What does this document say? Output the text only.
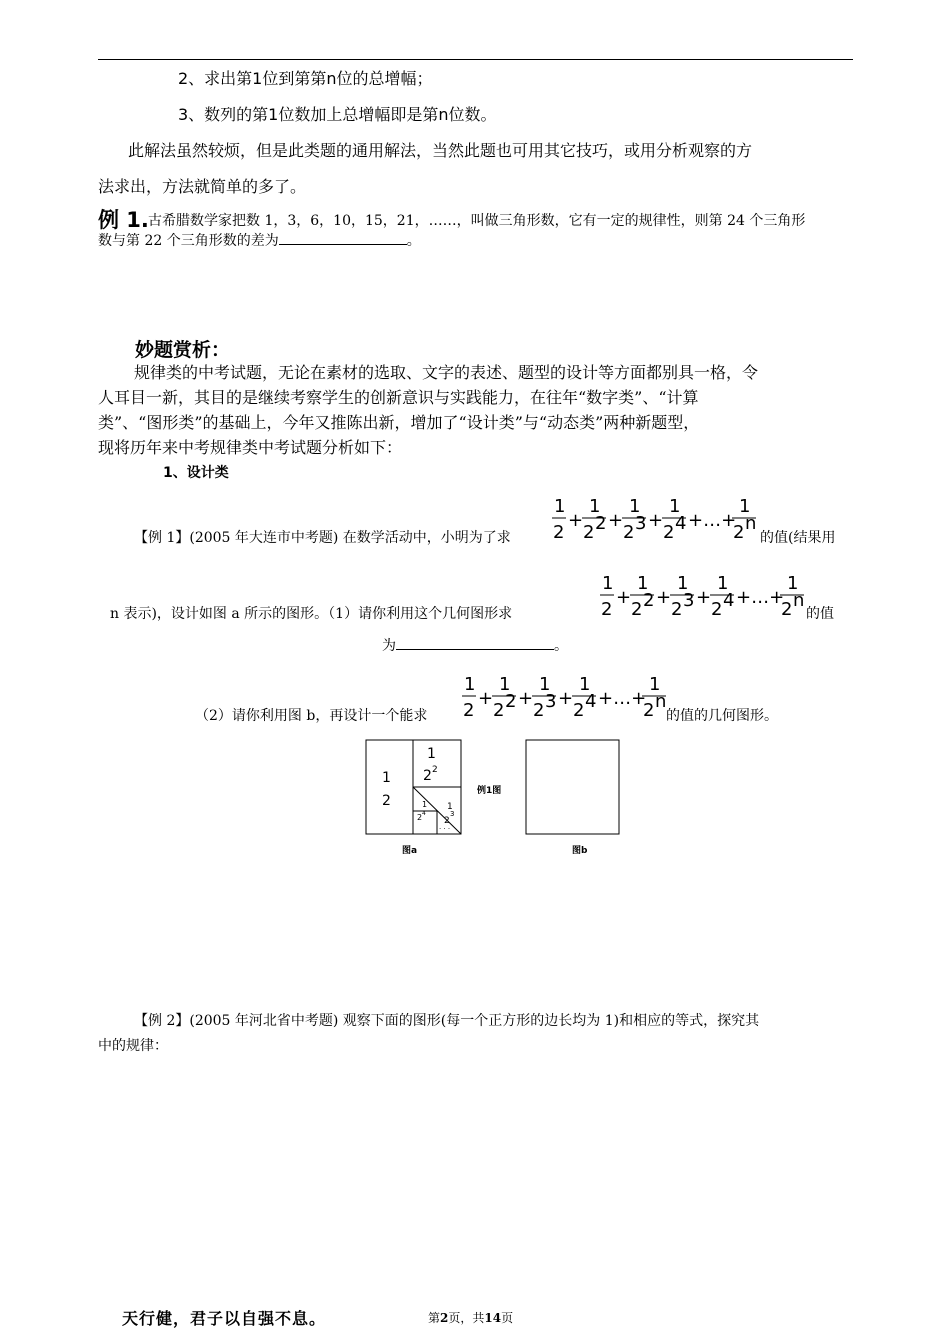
2、求出第1位到第第n位的总增幅；
3、数列的第1位数加上总增幅即是第n位数。
此解法虽然较烦，但是此类题的通用解法，当然此题也可用其它技巧，或用分析观察的方
法求出，方法就简单的多了。
例 1. 古希腊数学家把数 1，3，6，10，15，21，……，叫做三角形数，它有一定的规律性，则第 24 个三角形
数与第 22 个三角形数的差为	。
妙题赏析：
规律类的中考试题，无论在素材的选取、文字的表述、题型的设计等方面都别具一格，令
人耳目一新，其目的是继续考察学生的创新意识与实践能力，在往年“数字类”、“计算
类”、“图形类”的基础上，今年又推陈出新，增加了“设计类”与“动态类”两种新题型，
现将历年来中考规律类中考试题分析如下：
1、设计类
【例 1】(2005 年大连市中考题) 在数学活动中，小明为了求
1
2
+
1
2 2 +
1
2 3 +
1
2 4 +…+
1
2 n
的值(结果用
n 表示)，设计如图 a 所示的图形。（1）请你利用这个几何图形求
1
2
+
1
2 2 +
1
2 3 +
1
2 4 +…+
1
2 n
的值
为	。
（2）请你利用图 b，再设计一个能求
1
2
+
1
2 2 +
1
2 3 +
1
2 4 +…+
1
2 n
的值的几何图形。
1
2
1
2 2
1
2
3
1
2 4
· · ·
例1图
图a	图b
【例 2】(2005 年河北省中考题) 观察下面的图形(每一个正方形的边长均为 1)和相应的等式，探究其
中的规律：
天行健，君子以自强不息。	第2页，共14页
